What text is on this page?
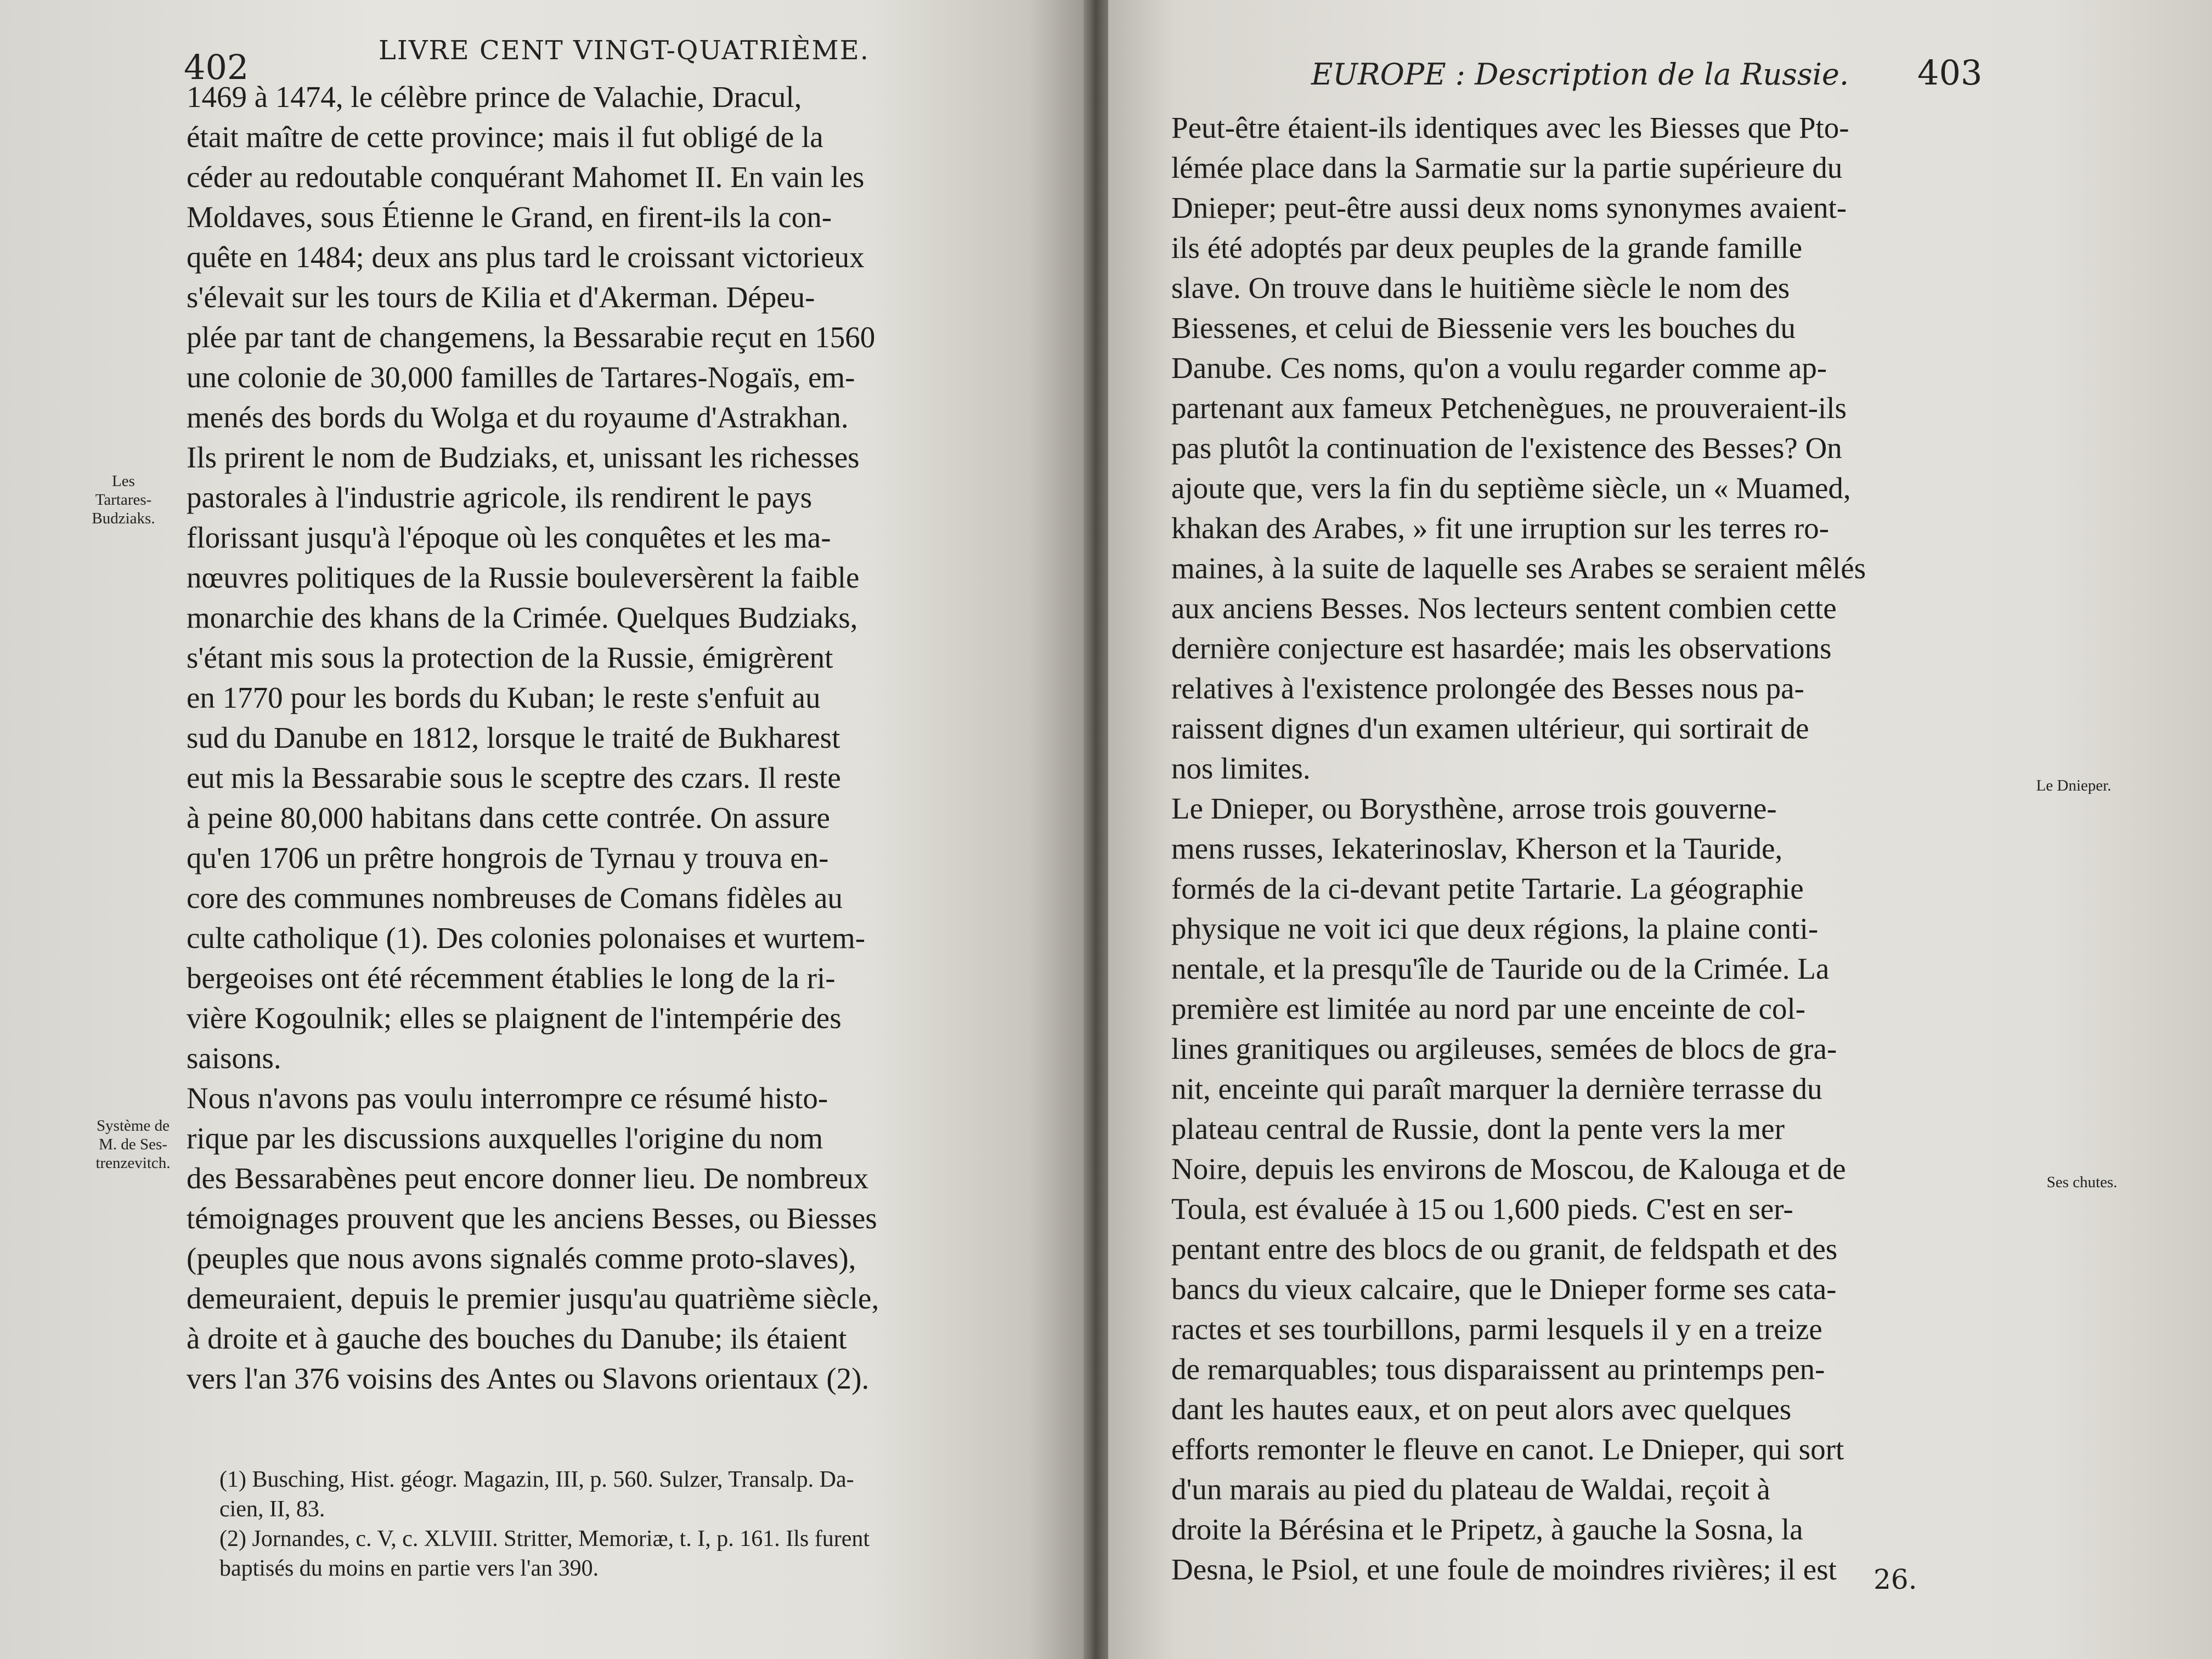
402	LIVRE CENT VINGT-QUATRIÈME.
1469 à 1474, le célèbre prince de Valachie, Dracul,
était maître de cette province; mais il fut obligé de la
céder au redoutable conquérant Mahomet II. En vain les
Moldaves, sous Étienne le Grand, en firent-ils la con-
quête en 1484; deux ans plus tard le croissant victorieux
s'élevait sur les tours de Kilia et d'Akerman. Dépeu-
plée par tant de changemens, la Bessarabie reçut en 1560
une colonie de 30,000 familles de Tartares-Nogaïs, em-
menés des bords du Wolga et du royaume d'Astrakhan.
Ils prirent le nom de Budziaks, et, unissant les richesses
pastorales à l'industrie agricole, ils rendirent le pays
florissant jusqu'à l'époque où les conquêtes et les ma-
nœuvres politiques de la Russie bouleversèrent la faible
monarchie des khans de la Crimée. Quelques Budziaks,
s'étant mis sous la protection de la Russie, émigrèrent
en 1770 pour les bords du Kuban; le reste s'enfuit au
sud du Danube en 1812, lorsque le traité de Bukharest
eut mis la Bessarabie sous le sceptre des czars. Il reste
à peine 80,000 habitans dans cette contrée. On assure
qu'en 1706 un prêtre hongrois de Tyrnau y trouva en-
core des communes nombreuses de Comans fidèles au
culte catholique (1). Des colonies polonaises et wurtem-
bergeoises ont été récemment établies le long de la ri-
vière Kogoulnik; elles se plaignent de l'intempérie des
saisons.
Nous n'avons pas voulu interrompre ce résumé histo-
rique par les discussions auxquelles l'origine du nom
des Bessarabènes peut encore donner lieu. De nombreux
témoignages prouvent que les anciens Besses, ou Biesses
(peuples que nous avons signalés comme proto-slaves),
demeuraient, depuis le premier jusqu'au quatrième siècle,
à droite et à gauche des bouches du Danube; ils étaient
vers l'an 376 voisins des Antes ou Slavons orientaux (2).
Les
Tartares-
Budziaks.
Système de
M. de Ses-
trenzevitch.
(1) Busching, Hist. géogr. Magazin, III, p. 560. Sulzer, Transalp. Da-
cien, II, 83.
(2) Jornandes, c. V, c. XLVIII. Stritter, Memoriæ, t. I, p. 161. Ils furent
baptisés du moins en partie vers l'an 390.
EUROPE : Description de la Russie. 403
Peut-être étaient-ils identiques avec les Biesses que Pto-
lémée place dans la Sarmatie sur la partie supérieure du
Dnieper; peut-être aussi deux noms synonymes avaient-
ils été adoptés par deux peuples de la grande famille
slave. On trouve dans le huitième siècle le nom des
Biessenes, et celui de Biessenie vers les bouches du
Danube. Ces noms, qu'on a voulu regarder comme ap-
partenant aux fameux Petchenègues, ne prouveraient-ils
pas plutôt la continuation de l'existence des Besses? On
ajoute que, vers la fin du septième siècle, un « Muamed,
khakan des Arabes, » fit une irruption sur les terres ro-
maines, à la suite de laquelle ses Arabes se seraient mêlés
aux anciens Besses. Nos lecteurs sentent combien cette
dernière conjecture est hasardée; mais les observations
relatives à l'existence prolongée des Besses nous pa-
raissent dignes d'un examen ultérieur, qui sortirait de
nos limites.
Le Dnieper, ou Borysthène, arrose trois gouverne-
mens russes, Iekaterinoslav, Kherson et la Tauride,
formés de la ci-devant petite Tartarie. La géographie
physique ne voit ici que deux régions, la plaine conti-
nentale, et la presqu'île de Tauride ou de la Crimée. La
première est limitée au nord par une enceinte de col-
lines granitiques ou argileuses, semées de blocs de gra-
nit, enceinte qui paraît marquer la dernière terrasse du
plateau central de Russie, dont la pente vers la mer
Noire, depuis les environs de Moscou, de Kalouga et de
Toula, est évaluée à 15 ou 1,600 pieds. C'est en ser-
pentant entre des blocs de ou granit, de feldspath et des
bancs du vieux calcaire, que le Dnieper forme ses cata-
ractes et ses tourbillons, parmi lesquels il y en a treize
de remarquables; tous disparaissent au printemps pen-
dant les hautes eaux, et on peut alors avec quelques
efforts remonter le fleuve en canot. Le Dnieper, qui sort
d'un marais au pied du plateau de Waldai, reçoit à
droite la Bérésina et le Pripetz, à gauche la Sosna, la
Desna, le Psiol, et une foule de moindres rivières; il est
Le Dnieper.
Ses chutes.
26.
